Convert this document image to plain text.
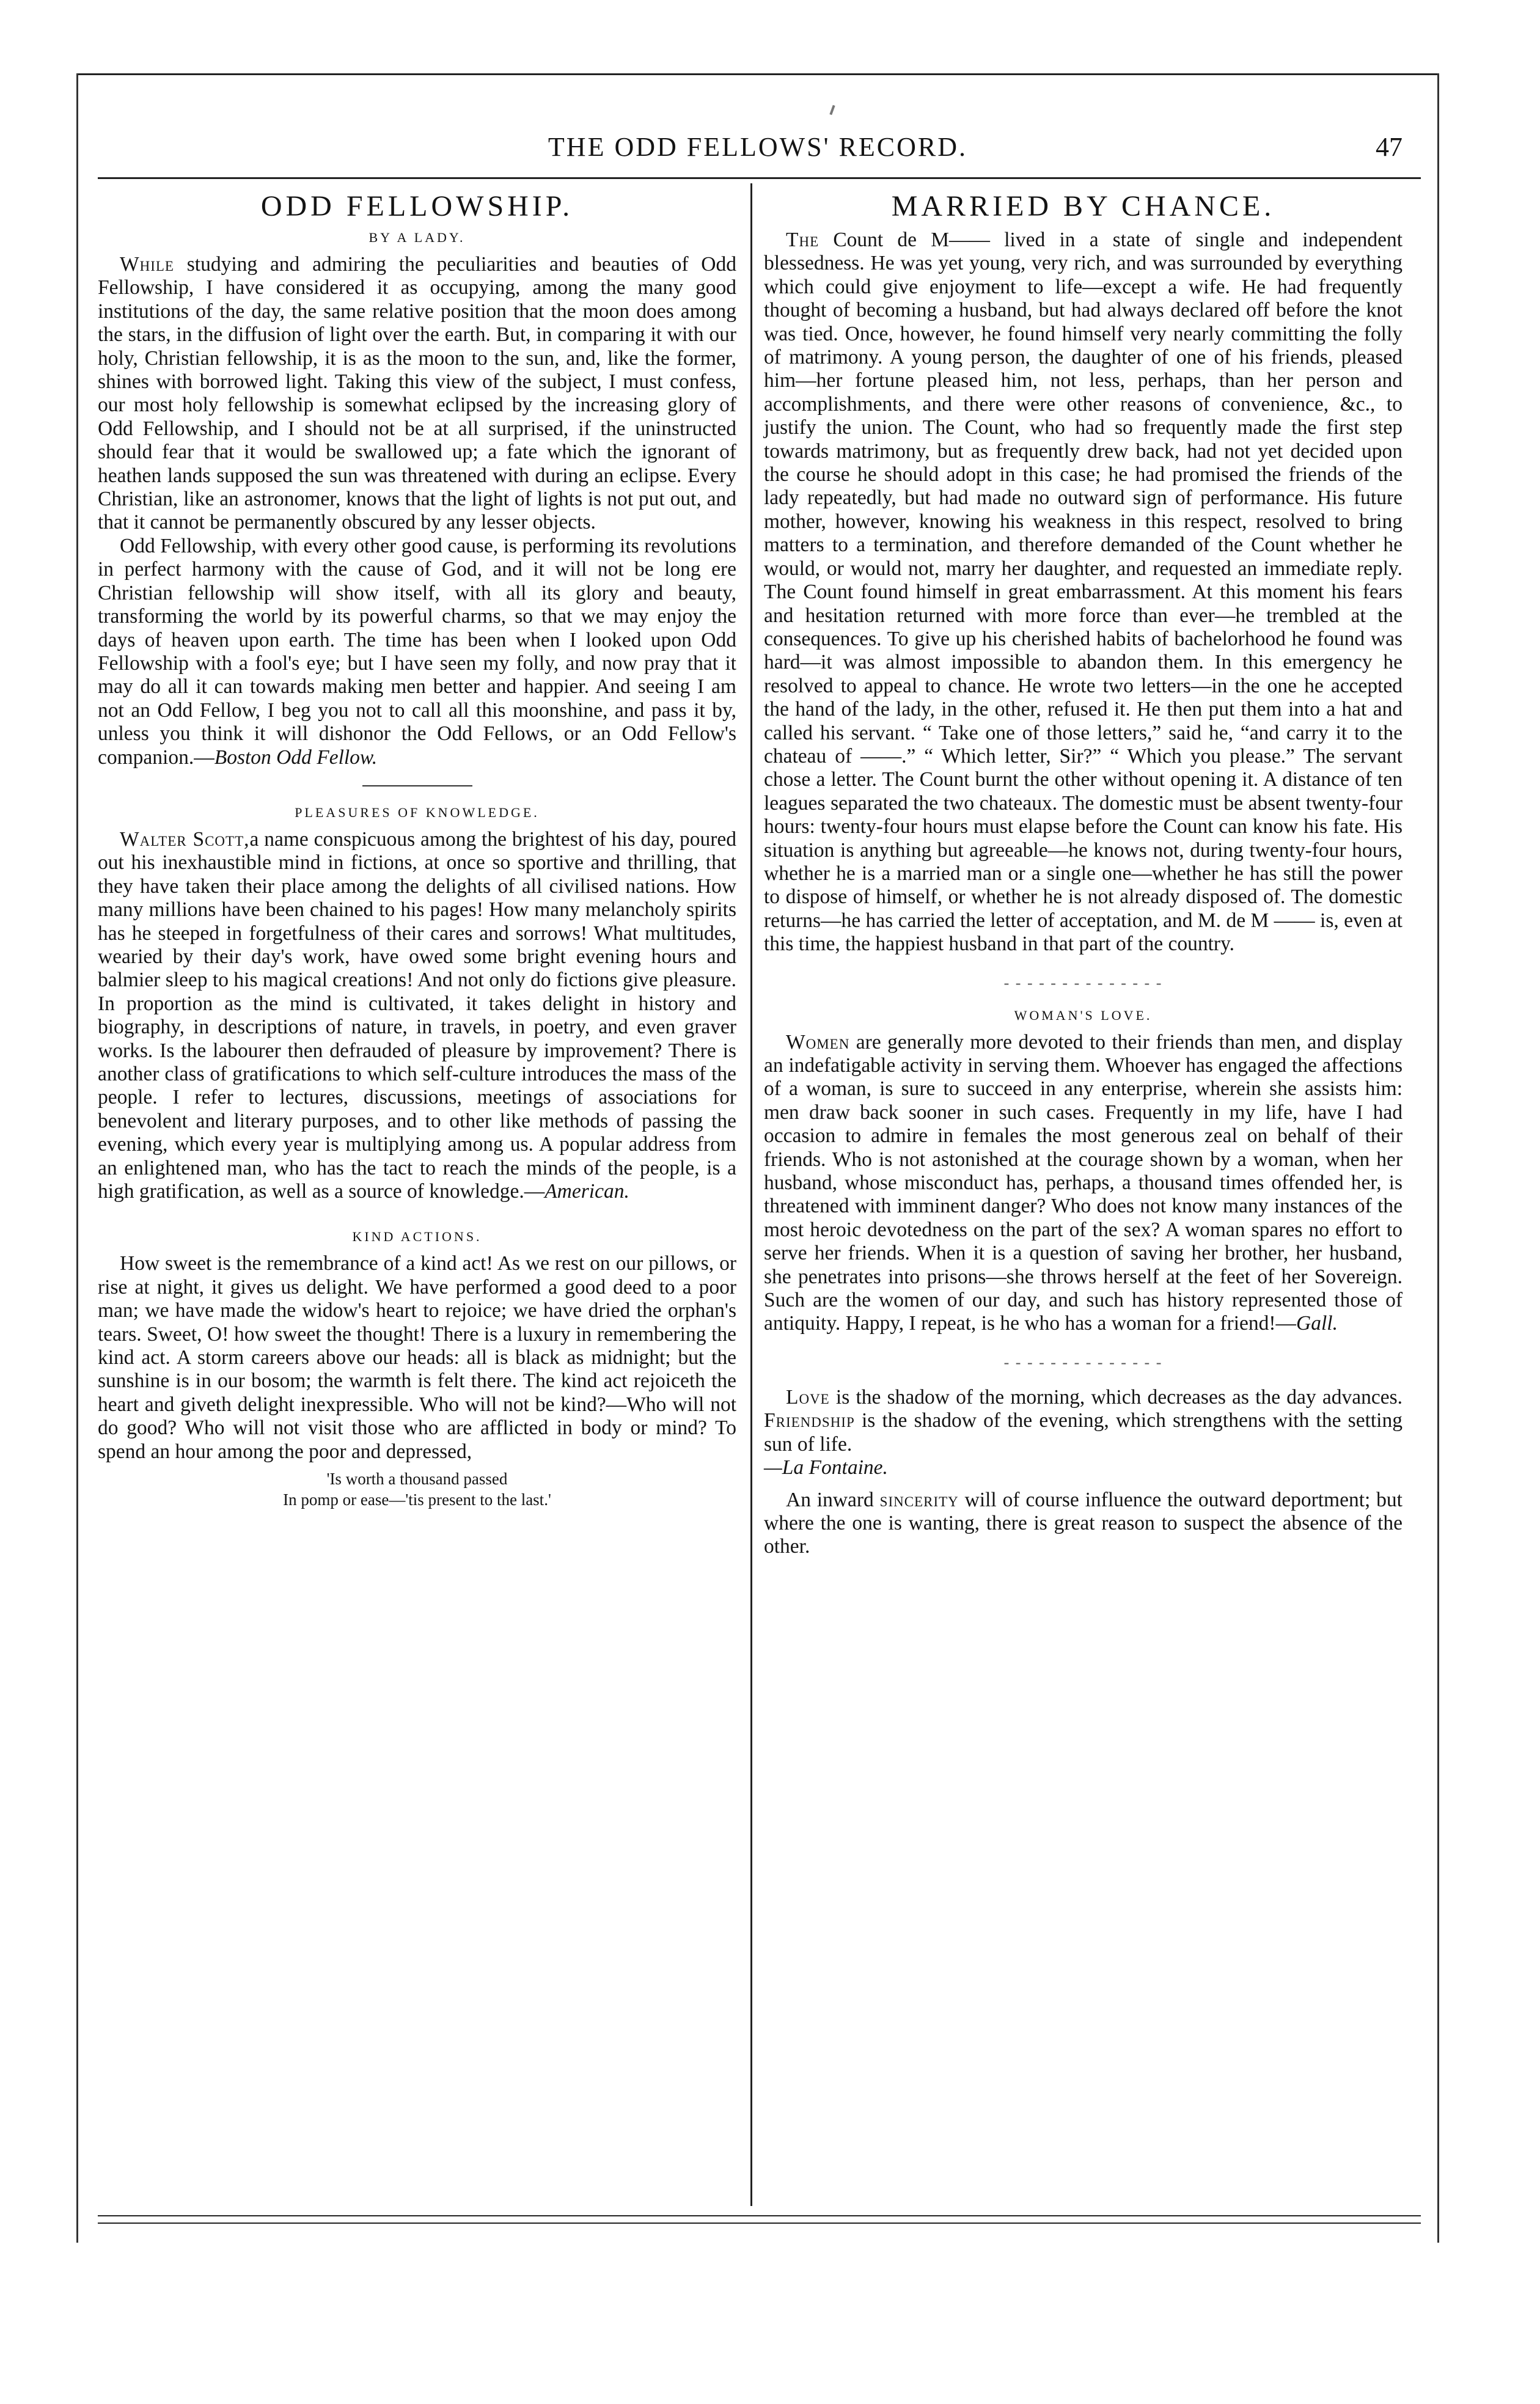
THE ODD FELLOWS' RECORD.	47
ODD FELLOWSHIP.
BY A LADY.

While studying and admiring the peculiarities and beauties of Odd Fellowship, I have considered it as occupying, among the many good institutions of the day, the same relative position that the moon does among the stars, in the diffusion of light over the earth. But, in comparing it with our holy, Christian fellowship, it is as the moon to the sun, and, like the former, shines with borrowed light. Taking this view of the subject, I must confess, our most holy fellowship is somewhat eclipsed by the increasing glory of Odd Fellowship, and I should not be at all surprised, if the uninstructed should fear that it would be swallowed up; a fate which the ignorant of heathen lands supposed the sun was threatened with during an eclipse. Every Christian, like an astronomer, knows that the light of lights is not put out, and that it cannot be permanently obscured by any lesser objects.

Odd Fellowship, with every other good cause, is performing its revolutions in perfect harmony with the cause of God, and it will not be long ere Christian fellowship will show itself, with all its glory and beauty, transforming the world by its powerful charms, so that we may enjoy the days of heaven upon earth. The time has been when I looked upon Odd Fellowship with a fool's eye; but I have seen my folly, and now pray that it may do all it can towards making men better and happier. And seeing I am not an Odd Fellow, I beg you not to call all this moonshine, and pass it by, unless you think it will dishonor the Odd Fellows, or an Odd Fellow's companion.—Boston Odd Fellow.

PLEASURES OF KNOWLEDGE.

Walter Scott,a name conspicuous among the brightest of his day, poured out his inexhaustible mind in fictions, at once so sportive and thrilling, that they have taken their place among the delights of all civilised nations. How many millions have been chained to his pages! How many melancholy spirits has he steeped in forgetfulness of their cares and sorrows! What multitudes, wearied by their day's work, have owed some bright evening hours and balmier sleep to his magical creations! And not only do fictions give pleasure. In proportion as the mind is cultivated, it takes delight in history and biography, in descriptions of nature, in travels, in poetry, and even graver works. Is the labourer then defrauded of pleasure by improvement? There is another class of gratifications to which self-culture introduces the mass of the people. I refer to lectures, discussions, meetings of associations for benevolent and literary purposes, and to other like methods of passing the evening, which every year is multiplying among us. A popular address from an enlightened man, who has the tact to reach the minds of the people, is a high gratification, as well as a source of knowledge.—American.

KIND ACTIONS.

How sweet is the remembrance of a kind act! As we rest on our pillows, or rise at night, it gives us delight. We have performed a good deed to a poor man; we have made the widow's heart to rejoice; we have dried the orphan's tears. Sweet, O! how sweet the thought! There is a luxury in remembering the kind act. A storm careers above our heads: all is black as midnight; but the sunshine is in our bosom; the warmth is felt there. The kind act rejoiceth the heart and giveth delight inexpressible. Who will not be kind?—Who will not do good? Who will not visit those who are afflicted in body or mind? To spend an hour among the poor and depressed,

'Is worth a thousand passed
In pomp or ease—'tis present to the last.'
MARRIED BY CHANCE.

The Count de M—— lived in a state of single and independent blessedness. He was yet young, very rich, and was surrounded by everything which could give enjoyment to life—except a wife. He had frequently thought of becoming a husband, but had always declared off before the knot was tied. Once, however, he found himself very nearly committing the folly of matrimony. A young person, the daughter of one of his friends, pleased him—her fortune pleased him, not less, perhaps, than her person and accomplishments, and there were other reasons of convenience, &c., to justify the union. The Count, who had so frequently made the first step towards matrimony, but as frequently drew back, had not yet decided upon the course he should adopt in this case; he had promised the friends of the lady repeatedly, but had made no outward sign of performance. His future mother, however, knowing his weakness in this respect, resolved to bring matters to a termination, and therefore demanded of the Count whether he would, or would not, marry her daughter, and requested an immediate reply. The Count found himself in great embarrassment. At this moment his fears and hesitation returned with more force than ever—he trembled at the consequences. To give up his cherished habits of bachelorhood he found was hard—it was almost impossible to abandon them. In this emergency he resolved to appeal to chance. He wrote two letters—in the one he accepted the hand of the lady, in the other, refused it. He then put them into a hat and called his servant. “ Take one of those letters,” said he, “and carry it to the chateau of ——.” “ Which letter, Sir?” “ Which you please.” The servant chose a letter. The Count burnt the other without opening it. A distance of ten leagues separated the two chateaux. The domestic must be absent twenty-four hours: twenty-four hours must elapse before the Count can know his fate. His situation is anything but agreeable—he knows not, during twenty-four hours, whether he is a married man or a single one—whether he has still the power to dispose of himself, or whether he is not already disposed of. The domestic returns—he has carried the letter of acceptation, and M. de M —— is, even at this time, the happiest husband in that part of the country.

- - - - - - - - - - - - - -
WOMAN'S LOVE.

Women are generally more devoted to their friends than men, and display an indefatigable activity in serving them. Whoever has engaged the affections of a woman, is sure to succeed in any enterprise, wherein she assists him: men draw back sooner in such cases. Frequently in my life, have I had occasion to admire in females the most generous zeal on behalf of their friends. Who is not astonished at the courage shown by a woman, when her husband, whose misconduct has, perhaps, a thousand times offended her, is threatened with imminent danger? Who does not know many instances of the most heroic devotedness on the part of the sex? A woman spares no effort to serve her friends. When it is a question of saving her brother, her husband, she penetrates into prisons—she throws herself at the feet of her Sovereign. Such are the women of our day, and such has history represented those of antiquity. Happy, I repeat, is he who has a woman for a friend!—Gall.

- - - - - - - - - - - - - -

Love is the shadow of the morning, which decreases as the day advances. Friendship is the shadow of the evening, which strengthens with the setting sun of life.

—La Fontaine.

An inward sincerity will of course influence the outward deportment; but where the one is wanting, there is great reason to suspect the absence of the other.
